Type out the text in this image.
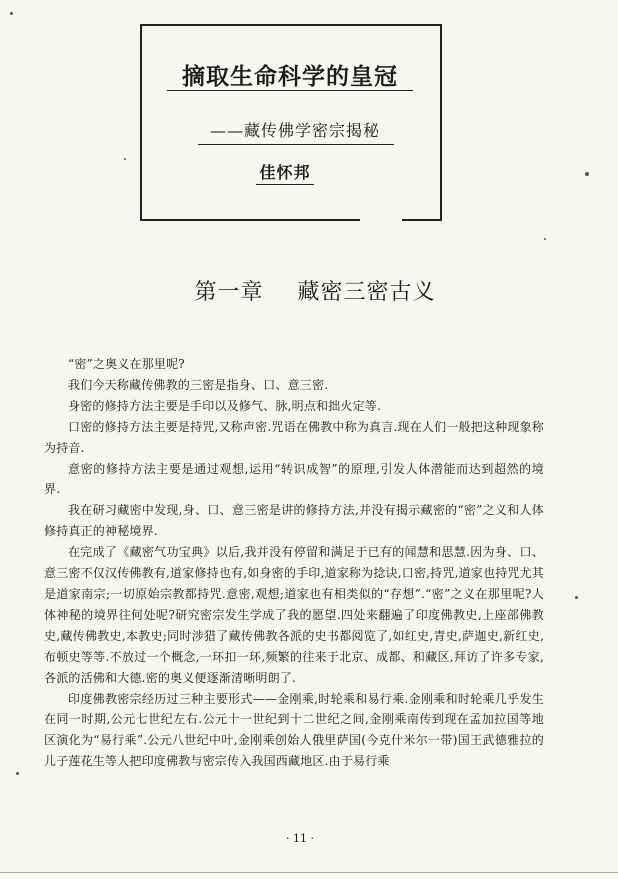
摘取生命科学的皇冠
——藏传佛学密宗揭秘
佳怀邦
第一章 藏密三密古义

“密”之奥义在那里呢?

我们今天称藏传佛教的三密是指身、口、意三密.

身密的修持方法主要是手印以及修气、脉,明点和拙火定等.

口密的修持方法主要是持咒,又称声密.咒语在佛教中称为真言.现在人们一般把这种现象称为持音.

意密的修持方法主要是通过观想,运用“转识成智”的原理,引发人体潜能而达到超然的境界.

我在研习藏密中发现,身、口、意三密是讲的修持方法,并没有揭示藏密的“密”之义和人体修持真正的神秘境界.

在完成了《藏密气功宝典》以后,我并没有停留和满足于已有的闻慧和思慧.因为身、口、意三密不仅汉传佛教有,道家修持也有,如身密的手印,道家称为捻诀,口密,持咒,道家也持咒尤其是道家南宗;一切原始宗教都持咒.意密,观想;道家也有相类似的“存想”.“密”之义在那里呢?人体神秘的境界往何处呢?研究密宗发生学成了我的愿望.四处来翻遍了印度佛教史,上座部佛教史,藏传佛教史,本教史;同时涉猎了藏传佛教各派的史书都阅览了,如红史,青史,萨迦史,新红史,布顿史等等.不放过一个概念,一环扣一环,频繁的往来于北京、成都、和藏区,拜访了许多专家,各派的活佛和大德.密的奥义便逐渐清晰明朗了.

印度佛教密宗经历过三种主要形式——金刚乘,时轮乘和易行乘.金刚乘和时轮乘几乎发生在同一时期,公元七世纪左右.公元十一世纪到十二世纪之间,金刚乘南传到现在孟加拉国等地区演化为“易行乘”.公元八世纪中叶,金刚乘创始人俄里萨国(今克什米尔一带)国王武德雅拉的儿子莲花生等人把印度佛教与密宗传入我国西藏地区.由于易行乘

· 11 ·
